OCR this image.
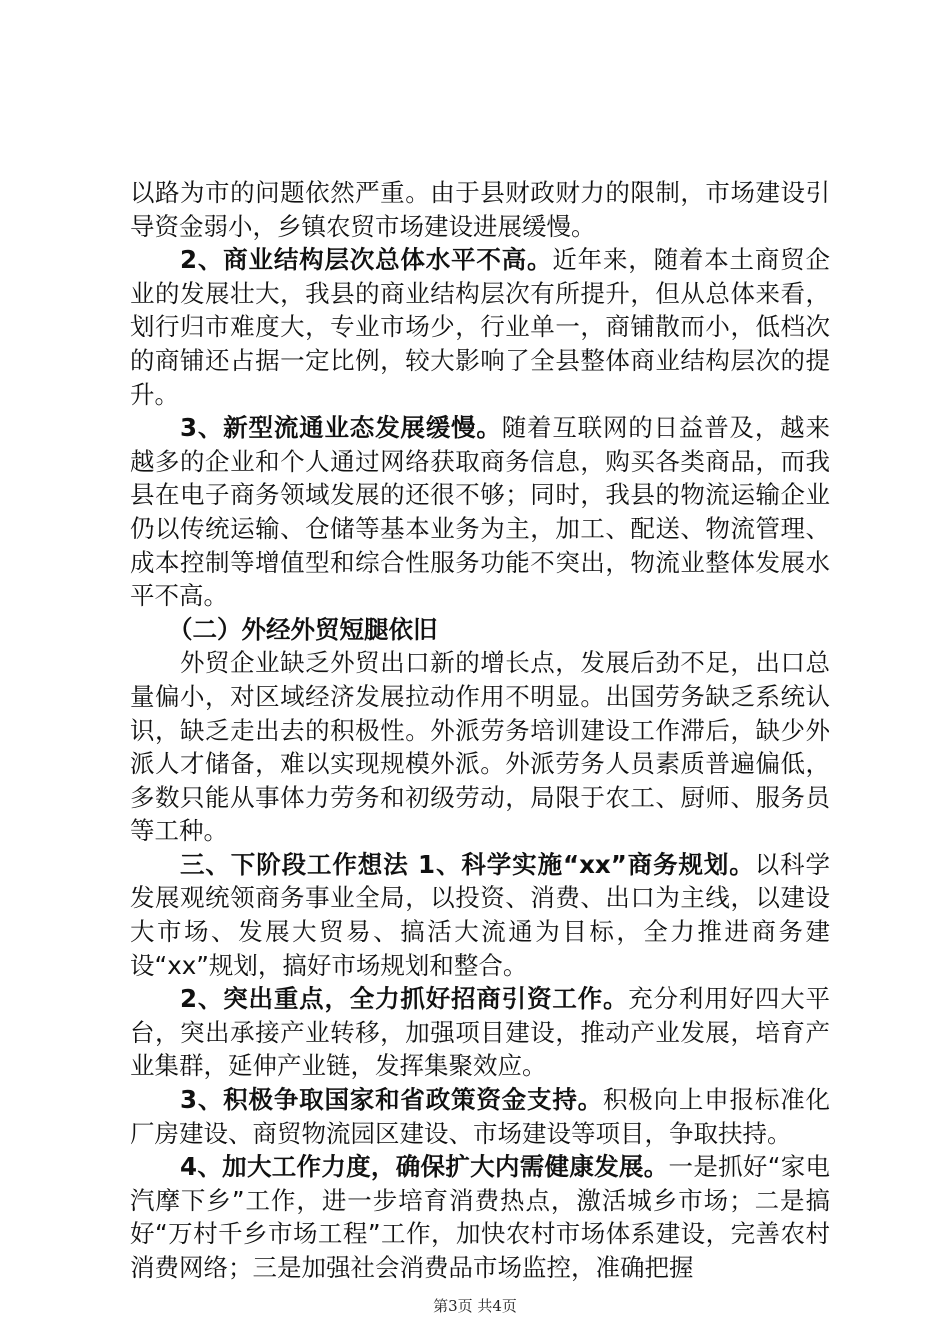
以路为市的问题依然严重。由于县财政财力的限制，市场建设引导资金弱小，乡镇农贸市场建设进展缓慢。

2、商业结构层次总体水平不高。近年来，随着本土商贸企业的发展壮大，我县的商业结构层次有所提升，但从总体来看，划行归市难度大，专业市场少，行业单一，商铺散而小，低档次的商铺还占据一定比例，较大影响了全县整体商业结构层次的提升。

3、新型流通业态发展缓慢。随着互联网的日益普及，越来越多的企业和个人通过网络获取商务信息，购买各类商品，而我县在电子商务领域发展的还很不够；同时，我县的物流运输企业仍以传统运输、仓储等基本业务为主，加工、配送、物流管理、成本控制等增值型和综合性服务功能不突出，物流业整体发展水平不高。

（二）外经外贸短腿依旧

外贸企业缺乏外贸出口新的增长点，发展后劲不足，出口总量偏小，对区域经济发展拉动作用不明显。出国劳务缺乏系统认识，缺乏走出去的积极性。外派劳务培训建设工作滞后，缺少外派人才储备，难以实现规模外派。外派劳务人员素质普遍偏低，多数只能从事体力劳务和初级劳动，局限于农工、厨师、服务员等工种。

三、下阶段工作想法 1、科学实施“xx”商务规划。以科学发展观统领商务事业全局，以投资、消费、出口为主线，以建设大市场、发展大贸易、搞活大流通为目标，全力推进商务建设“xx”规划，搞好市场规划和整合。

2、突出重点，全力抓好招商引资工作。充分利用好四大平台，突出承接产业转移，加强项目建设，推动产业发展，培育产业集群，延伸产业链，发挥集聚效应。

3、积极争取国家和省政策资金支持。积极向上申报标准化厂房建设、商贸物流园区建设、市场建设等项目，争取扶持。

4、加大工作力度，确保扩大内需健康发展。一是抓好“家电汽摩下乡”工作，进一步培育消费热点，激活城乡市场；二是搞好“万村千乡市场工程”工作，加快农村市场体系建设，完善农村消费网络；三是加强社会消费品市场监控，准确把握

第3页 共4页
